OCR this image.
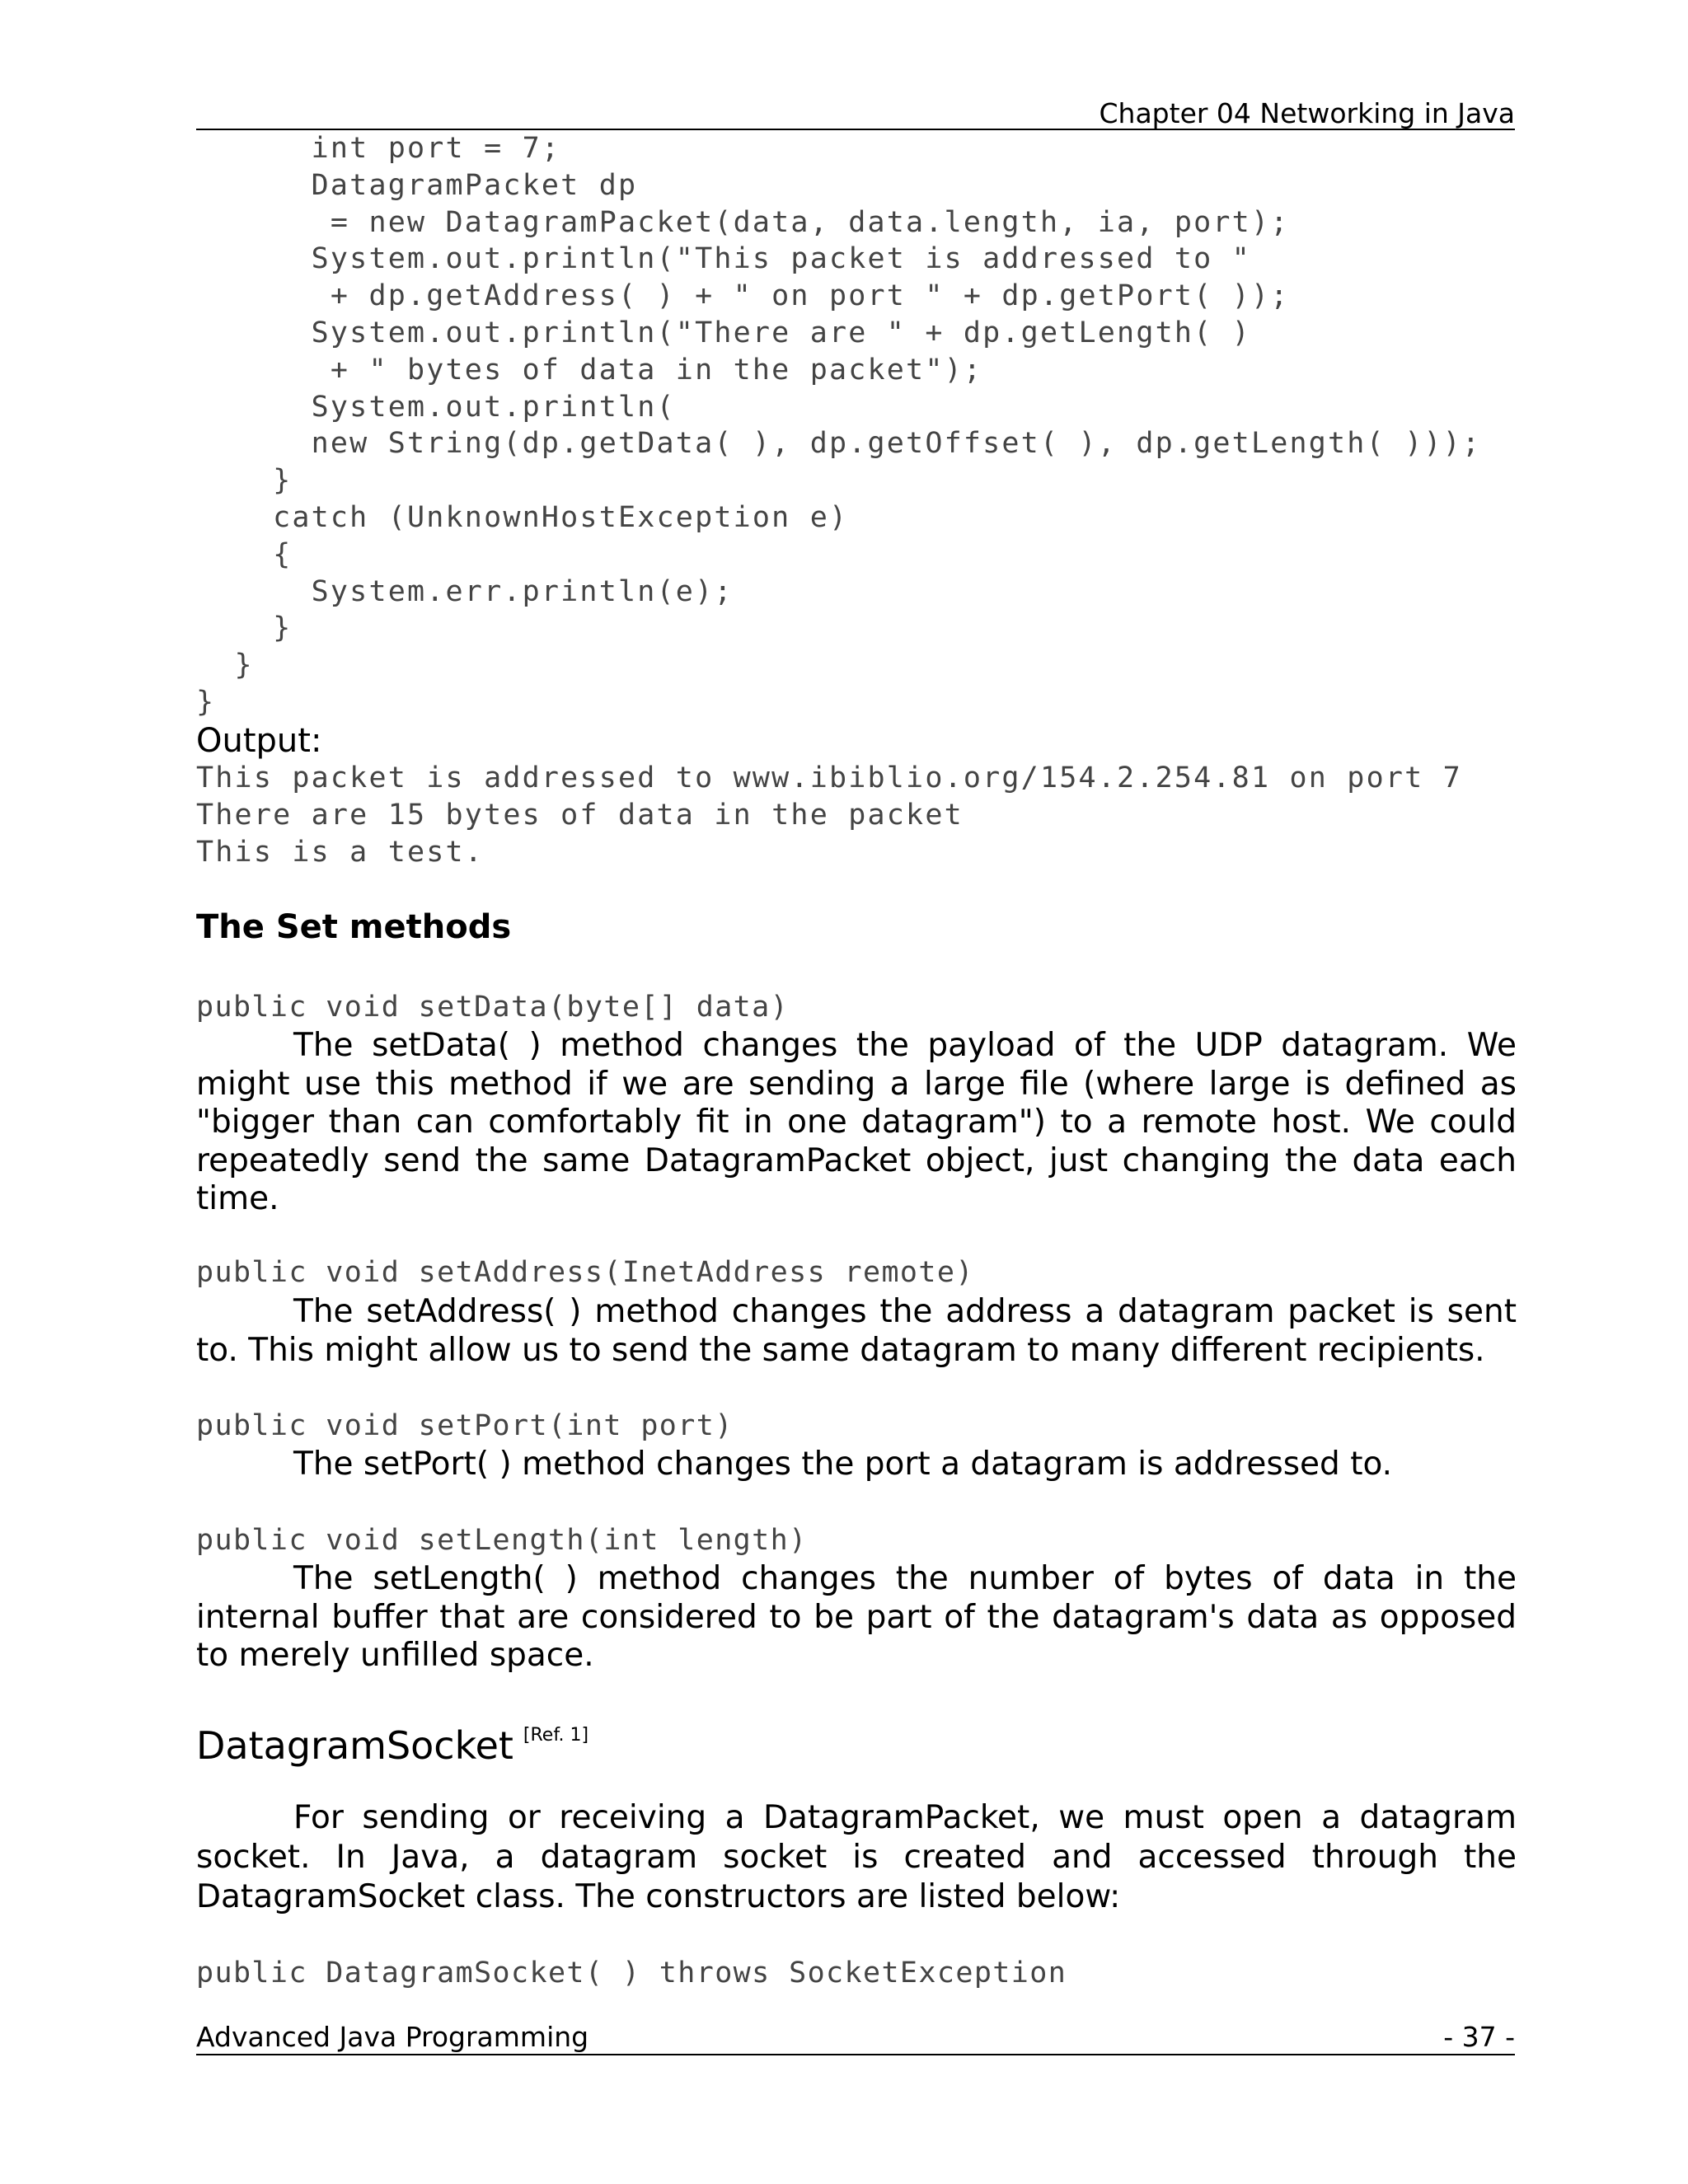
Chapter 04 Networking in Java
int port = 7;
DatagramPacket dp
= new DatagramPacket(data, data.length, ia, port);
System.out.println("This packet is addressed to "
+ dp.getAddress( ) + " on port " + dp.getPort( ));
System.out.println("There are " + dp.getLength( )
+ " bytes of data in the packet");
System.out.println(
new String(dp.getData( ), dp.getOffset( ), dp.getLength( )));
}
catch (UnknownHostException e)
{
System.err.println(e);
}
}
}
Output:
This packet is addressed to www.ibiblio.org/154.2.254.81 on port 7
There are 15 bytes of data in the packet
This is a test.
The Set methods
public void setData(byte[] data)
The setData( ) method changes the payload of the UDP datagram. We might use this method if we are sending a large file (where large is defined as "bigger than can comfortably fit in one datagram") to a remote host. We could repeatedly send the same DatagramPacket object, just changing the data each time.
public void setAddress(InetAddress remote)
The setAddress( ) method changes the address a datagram packet is sent to. This might allow us to send the same datagram to many different recipients.
public void setPort(int port)
The setPort( ) method changes the port a datagram is addressed to.
public void setLength(int length)
The setLength( ) method changes the number of bytes of data in the internal buffer that are considered to be part of the datagram's data as opposed to merely unfilled space.
DatagramSocket [Ref. 1]
For sending or receiving a DatagramPacket, we must open a datagram socket. In Java, a datagram socket is created and accessed through the DatagramSocket class. The constructors are listed below:
public DatagramSocket( ) throws SocketException
Advanced Java Programming	- 37 -
